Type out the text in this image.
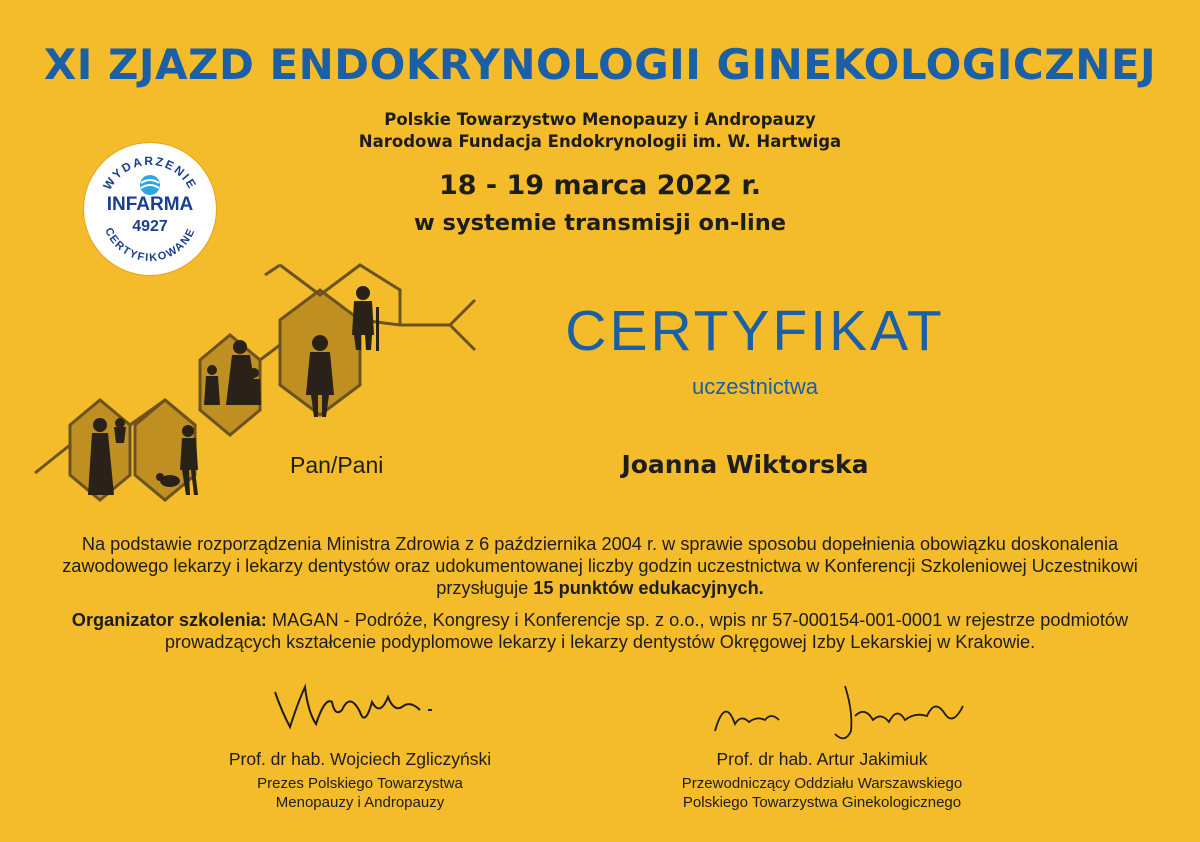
XI ZJAZD ENDOKRYNOLOGII GINEKOLOGICZNEJ
Polskie Towarzystwo Menopauzy i Andropauzy
Narodowa Fundacja Endokrynologii im. W. Hartwiga
18 - 19 marca 2022 r.
w systemie transmisji on-line
WYDARZENIE
CERTYFIKOWANE
INFARMA
4927
CERTYFIKAT
uczestnictwa
Pan/Pani	Joanna Wiktorska
Na podstawie rozporządzenia Ministra Zdrowia z 6 października 2004 r. w sprawie sposobu dopełnienia obowiązku doskonalenia zawodowego lekarzy i lekarzy dentystów oraz udokumentowanej liczby godzin uczestnictwa w Konferencji Szkoleniowej Uczestnikowi przysługuje 15 punktów edukacyjnych.
Organizator szkolenia: MAGAN - Podróże, Kongresy i Konferencje sp. z o.o., wpis nr 57-000154-001-0001 w rejestrze podmiotów prowadzących kształcenie podyplomowe lekarzy i lekarzy dentystów Okręgowej Izby Lekarskiej w Krakowie.
Prof. dr hab. Wojciech Zgliczyński
Prezes Polskiego Towarzystwa
Menopauzy i Andropauzy
Prof. dr hab. Artur Jakimiuk
Przewodniczący Oddziału Warszawskiego
Polskiego Towarzystwa Ginekologicznego
